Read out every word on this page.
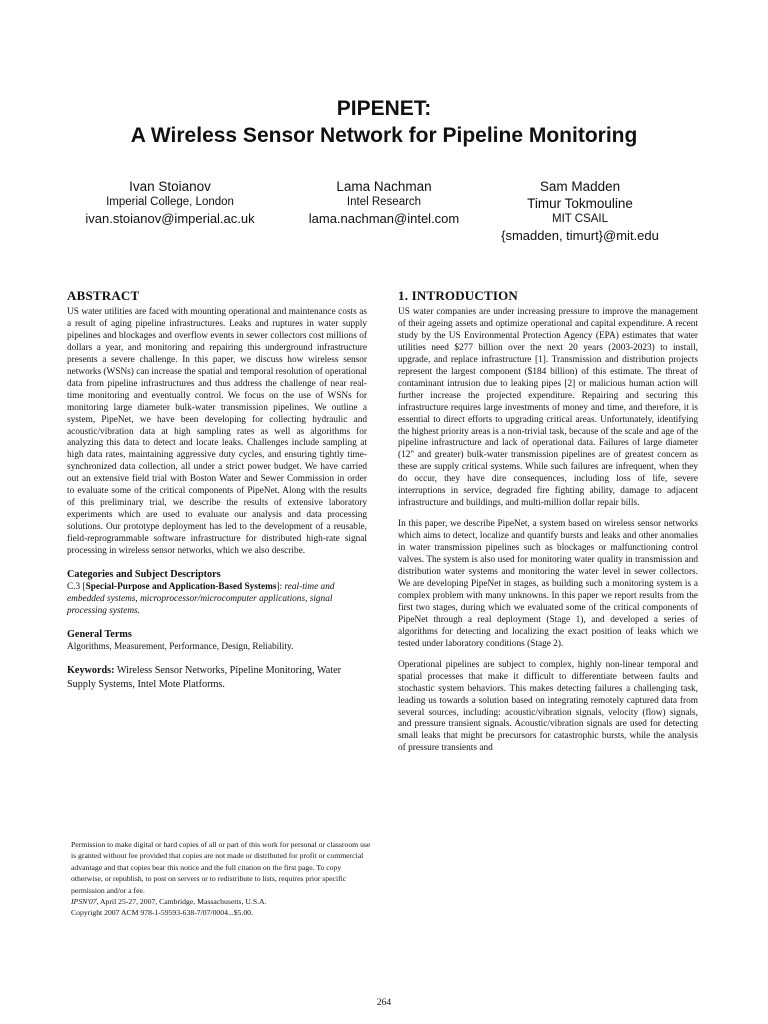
PIPENET:
A Wireless Sensor Network for Pipeline Monitoring
Ivan Stoianov
Imperial College, London
ivan.stoianov@imperial.ac.uk
Lama Nachman
Intel Research
lama.nachman@intel.com
Sam Madden
Timur Tokmouline
MIT CSAIL
{smadden, timurt}@mit.edu
ABSTRACT

US water utilities are faced with mounting operational and maintenance costs as a result of aging pipeline infrastructures. Leaks and ruptures in water supply pipelines and blockages and overflow events in sewer collectors cost millions of dollars a year, and monitoring and repairing this underground infrastructure presents a severe challenge. In this paper, we discuss how wireless sensor networks (WSNs) can increase the spatial and temporal resolution of operational data from pipeline infrastructures and thus address the challenge of near real-time monitoring and eventually control. We focus on the use of WSNs for monitoring large diameter bulk-water transmission pipelines. We outline a system, PipeNet, we have been developing for collecting hydraulic and acoustic/vibration data at high sampling rates as well as algorithms for analyzing this data to detect and locate leaks. Challenges include sampling at high data rates, maintaining aggressive duty cycles, and ensuring tightly time-synchronized data collection, all under a strict power budget. We have carried out an extensive field trial with Boston Water and Sewer Commission in order to evaluate some of the critical components of PipeNet. Along with the results of this preliminary trial, we describe the results of extensive laboratory experiments which are used to evaluate our analysis and data processing solutions. Our prototype deployment has led to the development of a reusable, field-reprogrammable software infrastructure for distributed high-rate signal processing in wireless sensor networks, which we also describe.

Categories and Subject Descriptors

C.3 [Special-Purpose and Application-Based Systems]: real-time and embedded systems, microprocessor/microcomputer applications, signal processing systems.

General Terms

Algorithms, Measurement, Performance, Design, Reliability.

Keywords: Wireless Sensor Networks, Pipeline Monitoring, Water Supply Systems, Intel Mote Platforms.
Permission to make digital or hard copies of all or part of this work for personal or classroom use is granted without fee provided that copies are not made or distributed for profit or commercial advantage and that copies bear this notice and the full citation on the first page. To copy otherwise, or republish, to post on servers or to redistribute to lists, requires prior specific permission and/or a fee.
IPSN'07, April 25-27, 2007, Cambridge, Massachusetts, U.S.A.
Copyright 2007 ACM 978-1-59593-638-7/07/0004...$5.00.
1. INTRODUCTION

US water companies are under increasing pressure to improve the management of their ageing assets and optimize operational and capital expenditure. A recent study by the US Environmental Protection Agency (EPA) estimates that water utilities need $277 billion over the next 20 years (2003-2023) to install, upgrade, and replace infrastructure [1]. Transmission and distribution projects represent the largest component ($184 billion) of this estimate. The threat of contaminant intrusion due to leaking pipes [2] or malicious human action will further increase the projected expenditure. Repairing and securing this infrastructure requires large investments of money and time, and therefore, it is essential to direct efforts to upgrading critical areas. Unfortunately, identifying the highest priority areas is a non-trivial task, because of the scale and age of the pipeline infrastructure and lack of operational data. Failures of large diameter (12" and greater) bulk-water transmission pipelines are of greatest concern as these are supply critical systems. While such failures are infrequent, when they do occur, they have dire consequences, including loss of life, severe interruptions in service, degraded fire fighting ability, damage to adjacent infrastructure and buildings, and multi-million dollar repair bills.

In this paper, we describe PipeNet, a system based on wireless sensor networks which aims to detect, localize and quantify bursts and leaks and other anomalies in water transmission pipelines such as blockages or malfunctioning control valves. The system is also used for monitoring water quality in transmission and distribution water systems and monitoring the water level in sewer collectors. We are developing PipeNet in stages, as building such a monitoring system is a complex problem with many unknowns. In this paper we report results from the first two stages, during which we evaluated some of the critical components of PipeNet through a real deployment (Stage 1), and developed a series of algorithms for detecting and localizing the exact position of leaks which we tested under laboratory conditions (Stage 2).

Operational pipelines are subject to complex, highly non-linear temporal and spatial processes that make it difficult to differentiate between faults and stochastic system behaviors. This makes detecting failures a challenging task, leading us towards a solution based on integrating remotely captured data from several sources, including: acoustic/vibration signals, velocity (flow) signals, and pressure transient signals. Acoustic/vibration signals are used for detecting small leaks that might be precursors for catastrophic bursts, while the analysis of pressure transients and

264
